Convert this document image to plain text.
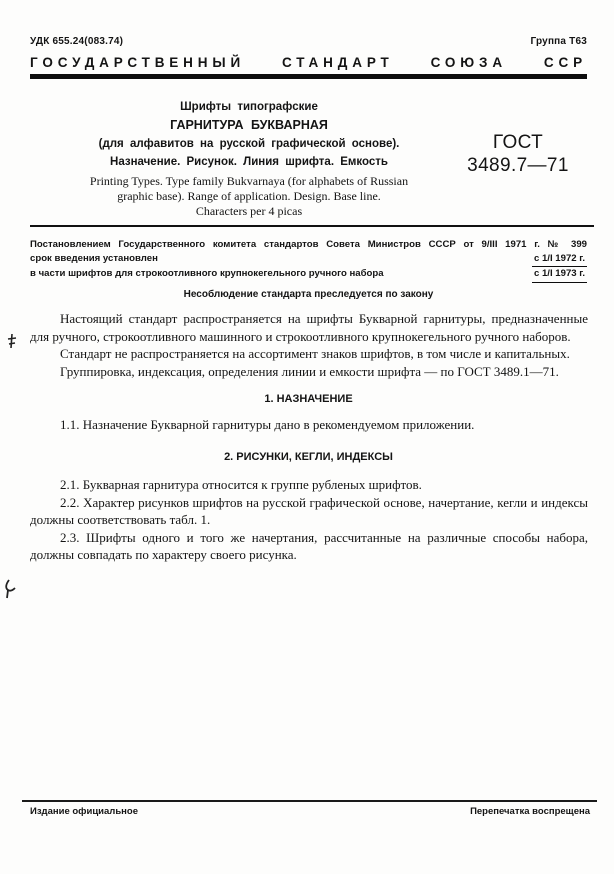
УДК 655.24(083.74)	Группа Т63
ГОСУДАРСТВЕННЫЙ СТАНДАРТ СОЮЗА ССР
Шрифты типографские
ГАРНИТУРА БУКВАРНАЯ
(для алфавитов на русской графической основе).
Назначение. Рисунок. Линия шрифта. Емкость
Printing Types. Type family Bukvarnaya (for alphabets of Russian
graphic base). Range of application. Design. Base line.
Characters per 4 picas
ГОСТ
3489.7—71
Постановлением Государственного комитета стандартов Совета Министров СССР от 9/III 1971 г. № 399
срок введения установлен	с 1/I 1972 г.
в части шрифтов для строкоотливного крупнокегельного ручного набора	с 1/I 1973 г.
Несоблюдение стандарта преследуется по закону

Настоящий стандарт распространяется на шрифты Букварной гарнитуры, предназначенные для ручного, строкоотливного машинного и строкоотливного крупнокегельного ручного наборов.

Стандарт не распространяется на ассортимент знаков шрифтов, в том числе и капитальных.

Группировка, индексация, определения линии и емкости шрифта — по ГОСТ 3489.1—71.

1. НАЗНАЧЕНИЕ

1.1. Назначение Букварной гарнитуры дано в рекомендуемом приложении.

2. РИСУНКИ, КЕГЛИ, ИНДЕКСЫ

2.1. Букварная гарнитура относится к группе рубленых шрифтов.

2.2. Характер рисунков шрифтов на русской графической основе, начертание, кегли и индексы должны соответствовать табл. 1.

2.3. Шрифты одного и того же начертания, рассчитанные на различные способы набора, должны совпадать по характеру своего рисунка.

Издание официальное	Перепечатка воспрещена
